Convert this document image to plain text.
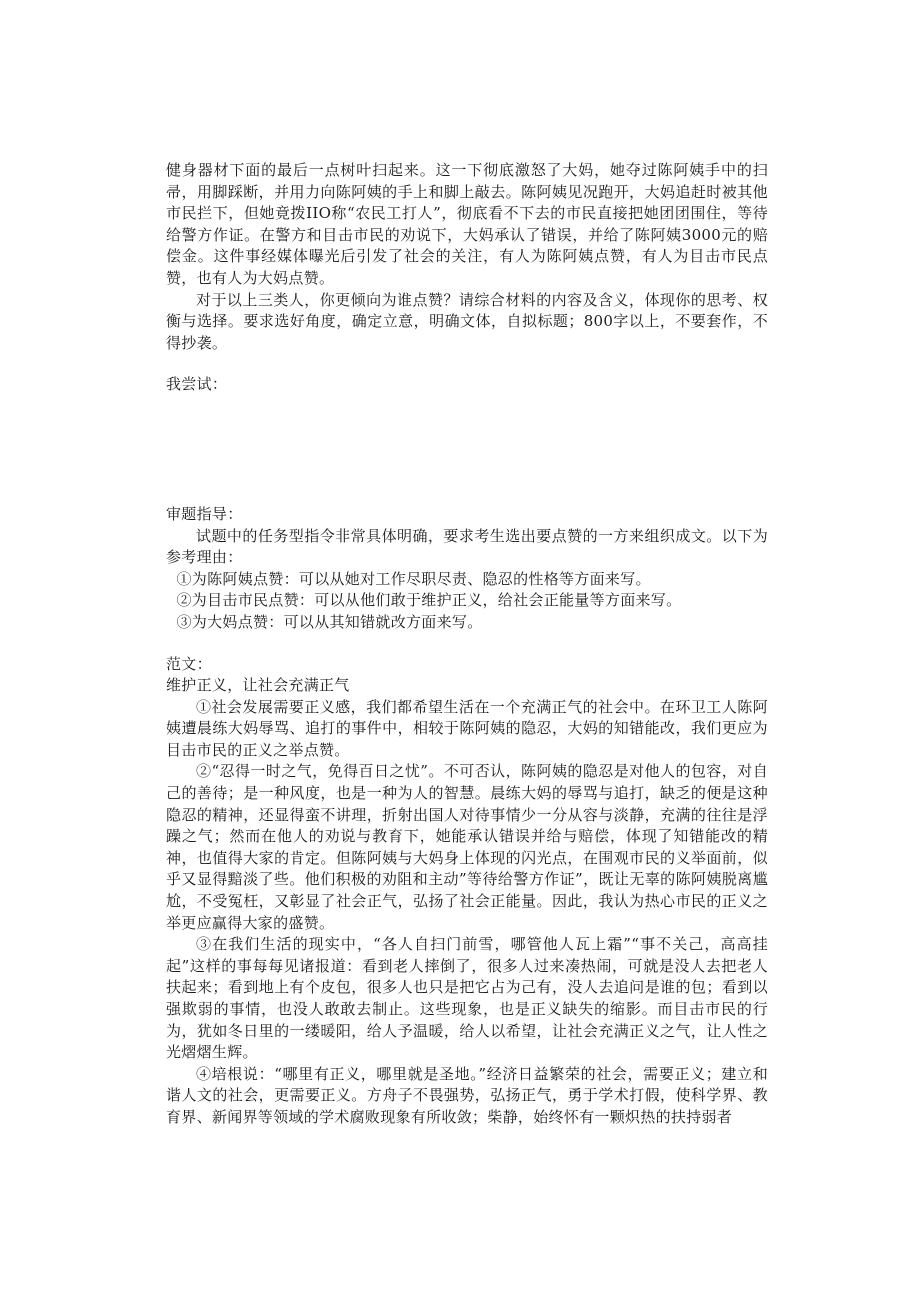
健身器材下面的最后一点树叶扫起来。这一下彻底激怒了大妈，她夺过陈阿姨手中的扫帚，用脚踩断，并用力向陈阿姨的手上和脚上敲去。陈阿姨见况跑开，大妈追赶时被其他市民拦下，但她竟拨IIO称“农民工打人”，彻底看不下去的市民直接把她团团围住，等待给警方作证。在警方和目击市民的劝说下，大妈承认了错误，并给了陈阿姨3000元的赔偿金。这件事经媒体曝光后引发了社会的关注，有人为陈阿姨点赞，有人为目击市民点赞，也有人为大妈点赞。

对于以上三类人，你更倾向为谁点赞？请综合材料的内容及含义，体现你的思考、权衡与选择。要求选好角度，确定立意，明确文体，自拟标题；800字以上，不要套作，不得抄袭。

我尝试：

审题指导：

试题中的任务型指令非常具体明确，要求考生选出要点赞的一方来组织成文。以下为参考理由：

①为陈阿姨点赞：可以从她对工作尽职尽责、隐忍的性格等方面来写。

②为目击市民点赞：可以从他们敢于维护正义，给社会正能量等方面来写。

③为大妈点赞：可以从其知错就改方面来写。

范文：

维护正义，让社会充满正气

①社会发展需要正义感，我们都希望生活在一个充满正气的社会中。在环卫工人陈阿姨遭晨练大妈辱骂、追打的事件中，相较于陈阿姨的隐忍，大妈的知错能改，我们更应为目击市民的正义之举点赞。

②“忍得一时之气，免得百日之忧”。不可否认，陈阿姨的隐忍是对他人的包容，对自己的善待；是一种风度，也是一种为人的智慧。晨练大妈的辱骂与追打，缺乏的便是这种隐忍的精神，还显得蛮不讲理，折射出国人对待事情少一分从容与淡静，充满的往往是浮躁之气；然而在他人的劝说与教育下，她能承认错误并给与赔偿，体现了知错能改的精神，也值得大家的肯定。但陈阿姨与大妈身上体现的闪光点，在围观市民的义举面前，似乎又显得黯淡了些。他们积极的劝阻和主动”等待给警方作证”，既让无辜的陈阿姨脱离尴尬，不受冤枉，又彰显了社会正气，弘扬了社会正能量。因此，我认为热心市民的正义之举更应赢得大家的盛赞。

③在我们生活的现实中，“各人自扫门前雪，哪管他人瓦上霜”“事不关己，高高挂起”这样的事每每见诸报道：看到老人摔倒了，很多人过来凑热闹，可就是没人去把老人扶起来；看到地上有个皮包，很多人也只是把它占为己有，没人去追问是谁的包；看到以强欺弱的事情，也没人敢敢去制止。这些现象，也是正义缺失的缩影。而目击市民的行为，犹如冬日里的一缕暖阳，给人予温暖，给人以希望，让社会充满正义之气，让人性之光熠熠生辉。

④培根说：“哪里有正义，哪里就是圣地。”经济日益繁荣的社会，需要正义；建立和谐人文的社会，更需要正义。方舟子不畏强势，弘扬正气，勇于学术打假，使科学界、教育界、新闻界等领域的学术腐败现象有所收敛；柴静，始终怀有一颗炽热的扶持弱者
